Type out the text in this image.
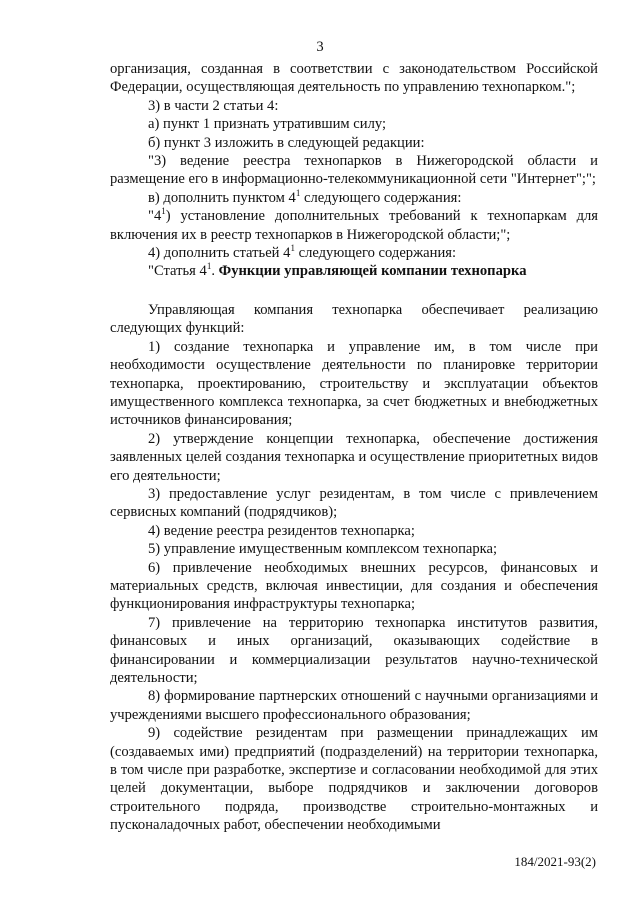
3

организация, созданная в соответствии с законодательством Российской Федерации, осуществляющая деятельность по управлению технопарком.";

3) в части 2 статьи 4:

а) пункт 1 признать утратившим силу;

б) пункт 3 изложить в следующей редакции:

"3) ведение реестра технопарков в Нижегородской области и размещение его в информационно-телекоммуникационной сети "Интернет";";

в) дополнить пунктом $4^1$ следующего содержания:

"$4^1$) установление дополнительных требований к технопаркам для включения их в реестр технопарков в Нижегородской области;";

4) дополнить статьей $4^1$ следующего содержания:

"Статья $4^1$. Функции управляющей компании технопарка

Управляющая компания технопарка обеспечивает реализацию следующих функций:

1) создание технопарка и управление им, в том числе при необходимости осуществление деятельности по планировке территории технопарка, проектированию, строительству и эксплуатации объектов имущественного комплекса технопарка, за счет бюджетных и внебюджетных источников финансирования;

2) утверждение концепции технопарка, обеспечение достижения заявленных целей создания технопарка и осуществление приоритетных видов его деятельности;

3) предоставление услуг резидентам, в том числе с привлечением сервисных компаний (подрядчиков);

4) ведение реестра резидентов технопарка;

5) управление имущественным комплексом технопарка;

6) привлечение необходимых внешних ресурсов, финансовых и материальных средств, включая инвестиции, для создания и обеспечения функционирования инфраструктуры технопарка;

7) привлечение на территорию технопарка институтов развития, финансовых и иных организаций, оказывающих содействие в финансировании и коммерциализации результатов научно-технической деятельности;

8) формирование партнерских отношений с научными организациями и учреждениями высшего профессионального образования;

9) содействие резидентам при размещении принадлежащих им (создаваемых ими) предприятий (подразделений) на территории технопарка, в том числе при разработке, экспертизе и согласовании необходимой для этих целей документации, выборе подрядчиков и заключении договоров строительного подряда, производстве строительно-монтажных и пусконаладочных работ, обеспечении необходимыми

184/2021-93(2)
